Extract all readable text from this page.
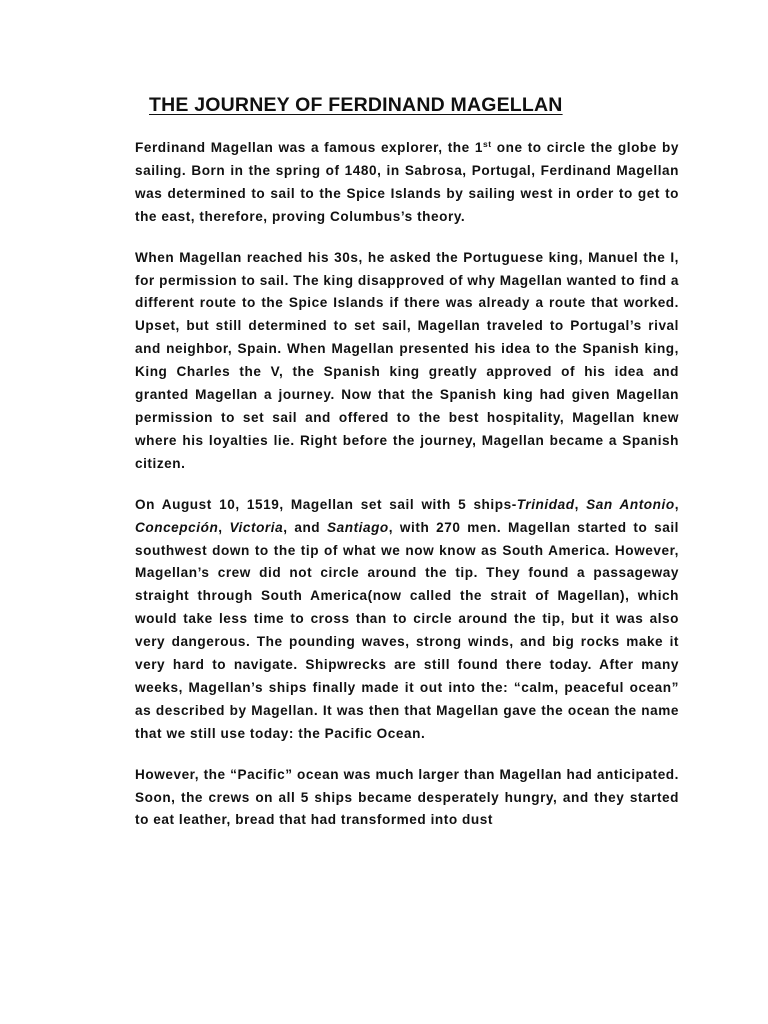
THE JOURNEY OF FERDINAND MAGELLAN

Ferdinand Magellan was a famous explorer, the 1st one to circle the globe by sailing. Born in the spring of 1480, in Sabrosa, Portugal, Ferdinand Magellan was determined to sail to the Spice Islands by sailing west in order to get to the east, therefore, proving Columbus’s theory.

When Magellan reached his 30s, he asked the Portuguese king, Manuel the I, for permission to sail. The king disapproved of why Magellan wanted to find a different route to the Spice Islands if there was already a route that worked. Upset, but still determined to set sail, Magellan traveled to Portugal’s rival and neighbor, Spain. When Magellan presented his idea to the Spanish king, King Charles the V, the Spanish king greatly approved of his idea and granted Magellan a journey. Now that the Spanish king had given Magellan permission to set sail and offered to the best hospitality, Magellan knew where his loyalties lie. Right before the journey, Magellan became a Spanish citizen.

On August 10, 1519, Magellan set sail with 5 ships-Trinidad, San Antonio, Concepción, Victoria, and Santiago, with 270 men. Magellan started to sail southwest down to the tip of what we now know as South America. However, Magellan’s crew did not circle around the tip. They found a passageway straight through South America(now called the strait of Magellan), which would take less time to cross than to circle around the tip, but it was also very dangerous. The pounding waves, strong winds, and big rocks make it very hard to navigate. Shipwrecks are still found there today. After many weeks, Magellan’s ships finally made it out into the: “calm, peaceful ocean” as described by Magellan. It was then that Magellan gave the ocean the name that we still use today: the Pacific Ocean.

However, the “Pacific” ocean was much larger than Magellan had anticipated. Soon, the crews on all 5 ships became desperately hungry, and they started to eat leather, bread that had transformed into dust
